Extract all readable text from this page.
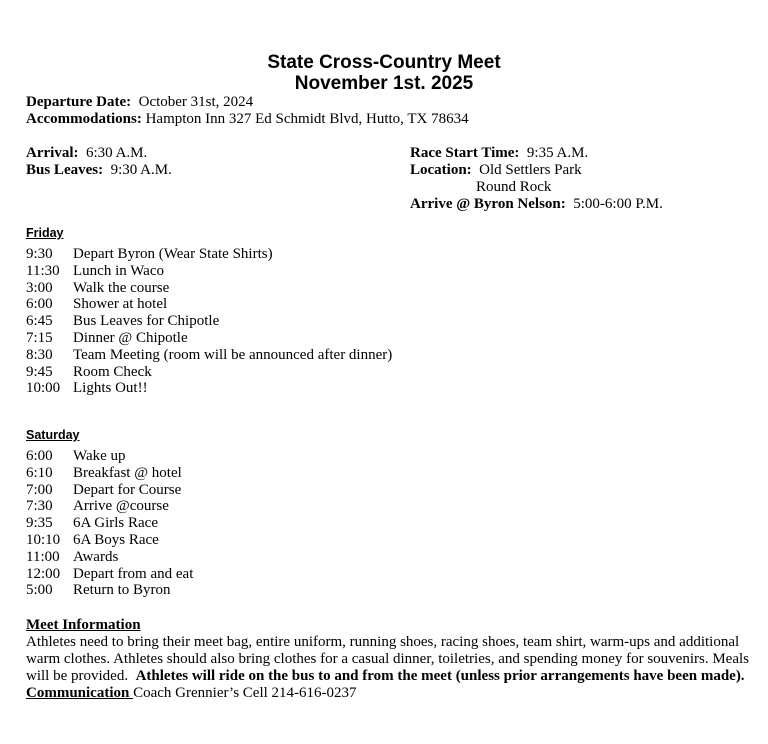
State Cross-Country Meet
November 1st. 2025
Departure Date: October 31st, 2024
Accommodations: Hampton Inn 327 Ed Schmidt Blvd, Hutto, TX 78634
Arrival: 6:30 A.M.
Bus Leaves: 9:30 A.M.
Race Start Time: 9:35 A.M.
Location: Old Settlers Park
Round Rock
Arrive @ Byron Nelson: 5:00-6:00 P.M.
Friday
9:30 Depart Byron (Wear State Shirts)
11:30 Lunch in Waco
3:00 Walk the course
6:00 Shower at hotel
6:45 Bus Leaves for Chipotle
7:15 Dinner @ Chipotle
8:30 Team Meeting (room will be announced after dinner)
9:45 Room Check
10:00 Lights Out!!
Saturday
6:00 Wake up
6:10 Breakfast @ hotel
7:00 Depart for Course
7:30 Arrive @course
9:35 6A Girls Race
10:10 6A Boys Race
11:00 Awards
12:00 Depart from and eat
5:00 Return to Byron
Meet Information
Athletes need to bring their meet bag, entire uniform, running shoes, racing shoes, team shirt, warm-ups and additional warm clothes. Athletes should also bring clothes for a casual dinner, toiletries, and spending money for souvenirs. Meals will be provided. Athletes will ride on the bus to and from the meet (unless prior arrangements have been made).
Communication Coach Grennier’s Cell 214-616-0237
